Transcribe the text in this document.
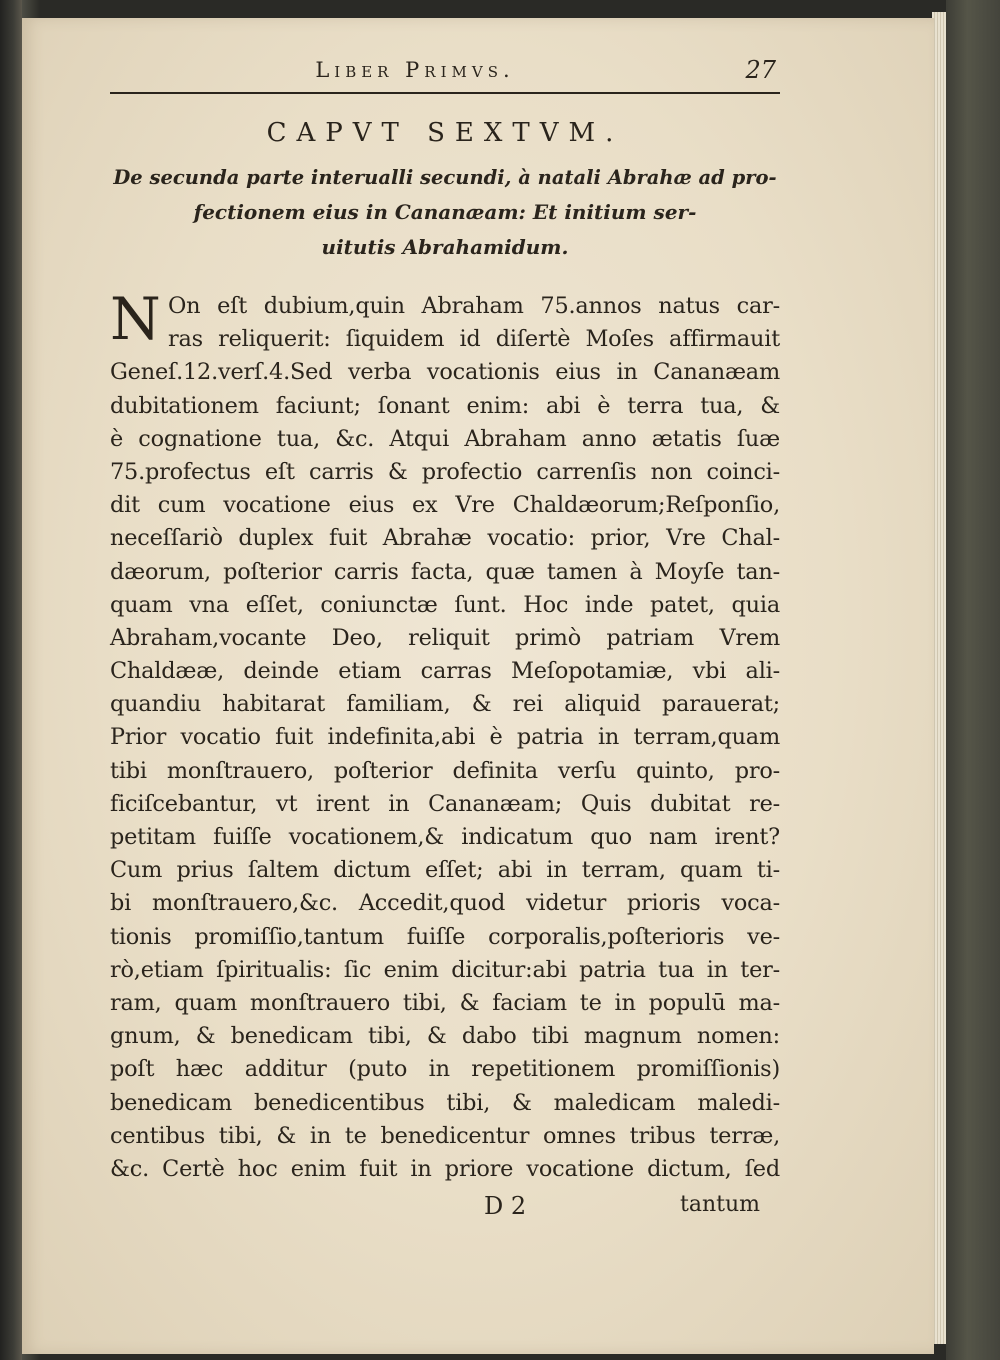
Liber Primvs.	27
CAPVT SEXTVM.
De secunda parte interualli secundi, à natali Abrahæ ad pro-
fectionem eius in Cananæam: Et initium ser-
uitutis Abrahamidum.
N On eſt dubium,quin Abraham 75.annos natus car-
ras reliquerit: ſiquidem id diſertè Moſes affirmauit
Geneſ.12.verſ.4.Sed verba vocationis eius in Cananæam
dubitationem faciunt; ſonant enim: abi è terra tua, &
è cognatione tua, &c. Atqui Abraham anno ætatis ſuæ
75.profectus eſt carris & profectio carrenſis non coinci-
dit cum vocatione eius ex Vre Chaldæorum;Reſponſio,
neceſſariò duplex fuit Abrahæ vocatio: prior, Vre Chal-
dæorum, poſterior carris facta, quæ tamen à Moyſe tan-
quam vna eſſet, coniunctæ ſunt. Hoc inde patet, quia
Abraham,vocante Deo, reliquit primò patriam Vrem
Chaldææ, deinde etiam carras Meſopotamiæ, vbi ali-
quandiu habitarat familiam, & rei aliquid parauerat;
Prior vocatio fuit indefinita,abi è patria in terram,quam
tibi monſtrauero, poſterior definita verſu quinto, pro-
ficiſcebantur, vt irent in Cananæam; Quis dubitat re-
petitam fuiſſe vocationem,& indicatum quo nam irent?
Cum prius ſaltem dictum eſſet; abi in terram, quam ti-
bi monſtrauero,&c. Accedit,quod videtur prioris voca-
tionis promiſſio,tantum fuiſſe corporalis,poſterioris ve-
rò,etiam ſpiritualis: ſic enim dicitur:abi patria tua in ter-
ram, quam monſtrauero tibi, & faciam te in populū ma-
gnum, & benedicam tibi, & dabo tibi magnum nomen:
poſt hæc additur (puto in repetitionem promiſſionis)
benedicam benedicentibus tibi, & maledicam maledi-
centibus tibi, & in te benedicentur omnes tribus terræ,
&c. Certè hoc enim fuit in priore vocatione dictum, ſed
D 2	tantum
